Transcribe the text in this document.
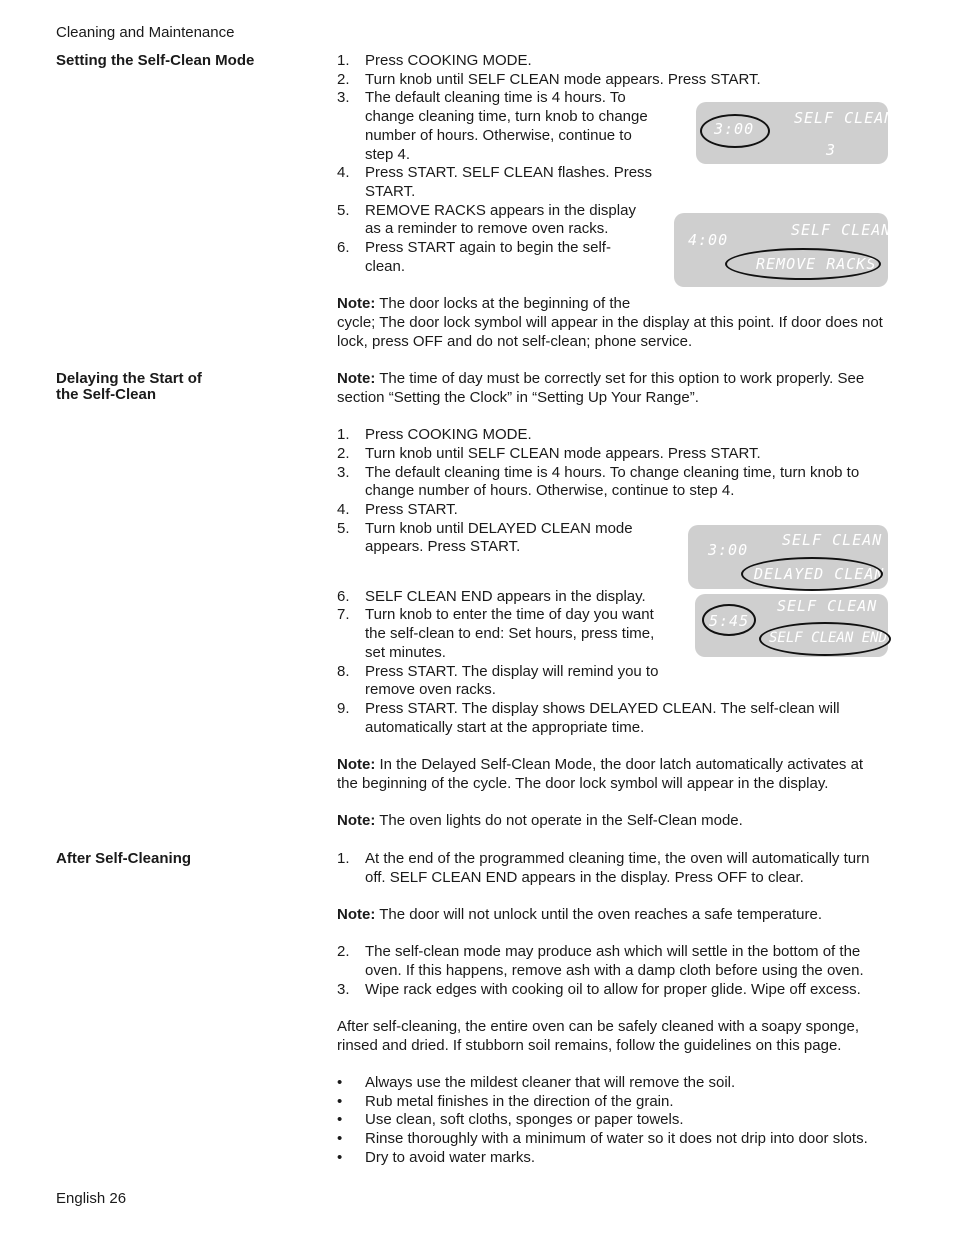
Cleaning and Maintenance
Setting the Self-Clean Mode	1.	Press COOKING MODE.
2.	Turn knob until SELF CLEAN mode appears. Press START.
3.	The default cleaning time is 4 hours. To
change cleaning time, turn knob to change
number of hours. Otherwise, continue to
step 4.
4.	Press START. SELF CLEAN flashes. Press
START.
5.	REMOVE RACKS appears in the display
as a reminder to remove oven racks.
6.	Press START again to begin the self-
clean.
Note: The door locks at the beginning of the
cycle; The door lock symbol will appear in the display at this point. If door does not
lock, press OFF and do not self-clean; phone service.
3:00
SELF CLEAN
3
4:00
SELF CLEAN
REMOVE RACKS
Delaying the Start of
the Self-Clean
Note: The time of day must be correctly set for this option to work properly. See
section “Setting the Clock” in “Setting Up Your Range”.
1.	Press COOKING MODE.
2.	Turn knob until SELF CLEAN mode appears. Press START.
3.	The default cleaning time is 4 hours. To change cleaning time, turn knob to
change number of hours. Otherwise, continue to step 4.
4.	Press START.
5.	Turn knob until DELAYED CLEAN mode
appears. Press START.
6.	SELF CLEAN END appears in the display.
7.	Turn knob to enter the time of day you want
the self-clean to end: Set hours, press time,
set minutes.
8.	Press START. The display will remind you to
remove oven racks.
9.	Press START. The display shows DELAYED CLEAN. The self-clean will
automatically start at the appropriate time.
3:00
SELF CLEAN
DELAYED CLEAN
5:45
SELF CLEAN
SELF CLEAN END
Note: In the Delayed Self-Clean Mode, the door latch automatically activates at
the beginning of the cycle. The door lock symbol will appear in the display.
Note: The oven lights do not operate in the Self-Clean mode.
After Self-Cleaning	1.	At the end of the programmed cleaning time, the oven will automatically turn
off. SELF CLEAN END appears in the display. Press OFF to clear.
Note: The door will not unlock until the oven reaches a safe temperature.
2.	The self-clean mode may produce ash which will settle in the bottom of the
oven. If this happens, remove ash with a damp cloth before using the oven.
3.	Wipe rack edges with cooking oil to allow for proper glide. Wipe off excess.
After self-cleaning, the entire oven can be safely cleaned with a soapy sponge,
rinsed and dried. If stubborn soil remains, follow the guidelines on this page.
•	Always use the mildest cleaner that will remove the soil.
•	Rub metal finishes in the direction of the grain.
•	Use clean, soft cloths, sponges or paper towels.
•	Rinse thoroughly with a minimum of water so it does not drip into door slots.
•	Dry to avoid water marks.
English 26
